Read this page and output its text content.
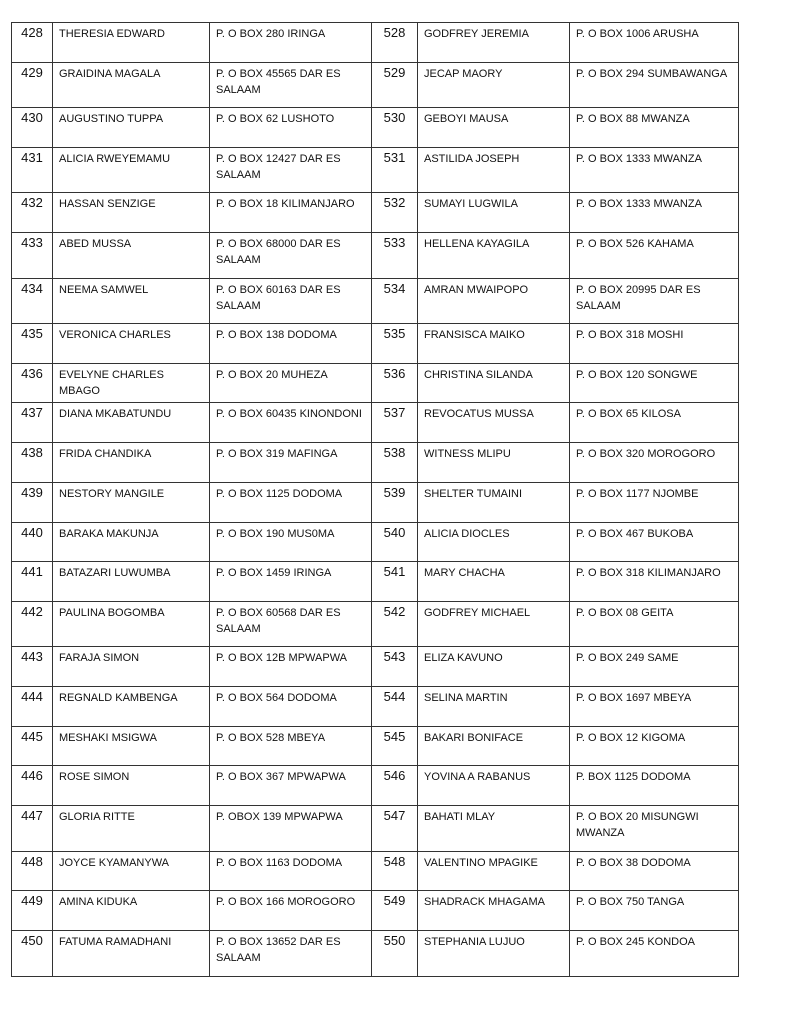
428	THERESIA EDWARD	P. O BOX 280 IRINGA	528	GODFREY JEREMIA	P. O BOX 1006 ARUSHA
429	GRAIDINA MAGALA	P. O BOX 45565 DAR ES SALAAM	529	JECAP MAORY	P. O BOX 294 SUMBAWANGA
430	AUGUSTINO TUPPA	P. O BOX 62 LUSHOTO	530	GEBOYI MAUSA	P. O BOX 88 MWANZA
431	ALICIA RWEYEMAMU	P. O BOX 12427 DAR ES SALAAM	531	ASTILIDA JOSEPH	P. O BOX 1333 MWANZA
432	HASSAN SENZIGE	P. O BOX 18 KILIMANJARO	532	SUMAYI LUGWILA	P. O BOX 1333 MWANZA
433	ABED MUSSA	P. O BOX 68000 DAR ES SALAAM	533	HELLENA KAYAGILA	P. O BOX 526 KAHAMA
434	NEEMA SAMWEL	P. O BOX 60163 DAR ES SALAAM	534	AMRAN MWAIPOPO	P. O BOX 20995 DAR ES SALAAM
435	VERONICA CHARLES	P. O BOX 138 DODOMA	535	FRANSISCA MAIKO	P. O BOX 318 MOSHI
436	EVELYNE CHARLES MBAGO	P. O BOX 20 MUHEZA	536	CHRISTINA SILANDA	P. O BOX 120 SONGWE
437	DIANA MKABATUNDU	P. O BOX 60435 KINONDONI	537	REVOCATUS MUSSA	P. O BOX 65 KILOSA
438	FRIDA CHANDIKA	P. O BOX 319 MAFINGA	538	WITNESS MLIPU	P. O BOX 320 MOROGORO
439	NESTORY MANGILE	P. O BOX 1125 DODOMA	539	SHELTER TUMAINI	P. O BOX 1177 NJOMBE
440	BARAKA MAKUNJA	P. O BOX 190 MUS0MA	540	ALICIA DIOCLES	P. O BOX 467 BUKOBA
441	BATAZARI LUWUMBA	P. O BOX 1459 IRINGA	541	MARY CHACHA	P. O BOX 318 KILIMANJARO
442	PAULINA BOGOMBA	P. O BOX 60568 DAR ES SALAAM	542	GODFREY MICHAEL	P. O BOX 08 GEITA
443	FARAJA SIMON	P. O BOX 12B MPWAPWA	543	ELIZA KAVUNO	P. O BOX 249 SAME
444	REGNALD KAMBENGA	P. O BOX 564 DODOMA	544	SELINA MARTIN	P. O BOX 1697 MBEYA
445	MESHAKI MSIGWA	P. O BOX 528 MBEYA	545	BAKARI BONIFACE	P. O BOX 12 KIGOMA
446	ROSE SIMON	P. O BOX 367 MPWAPWA	546	YOVINA A RABANUS	P. BOX 1125 DODOMA
447	GLORIA RITTE	P. OBOX 139 MPWAPWA	547	BAHATI MLAY	P. O BOX 20 MISUNGWI MWANZA
448	JOYCE KYAMANYWA	P. O BOX 1163 DODOMA	548	VALENTINO MPAGIKE	P. O BOX 38 DODOMA
449	AMINA KIDUKA	P. O BOX 166 MOROGORO	549	SHADRACK MHAGAMA	P. O BOX 750 TANGA
450	FATUMA RAMADHANI	P. O BOX 13652 DAR ES SALAAM	550	STEPHANIA LUJUO	P. O BOX 245 KONDOA
